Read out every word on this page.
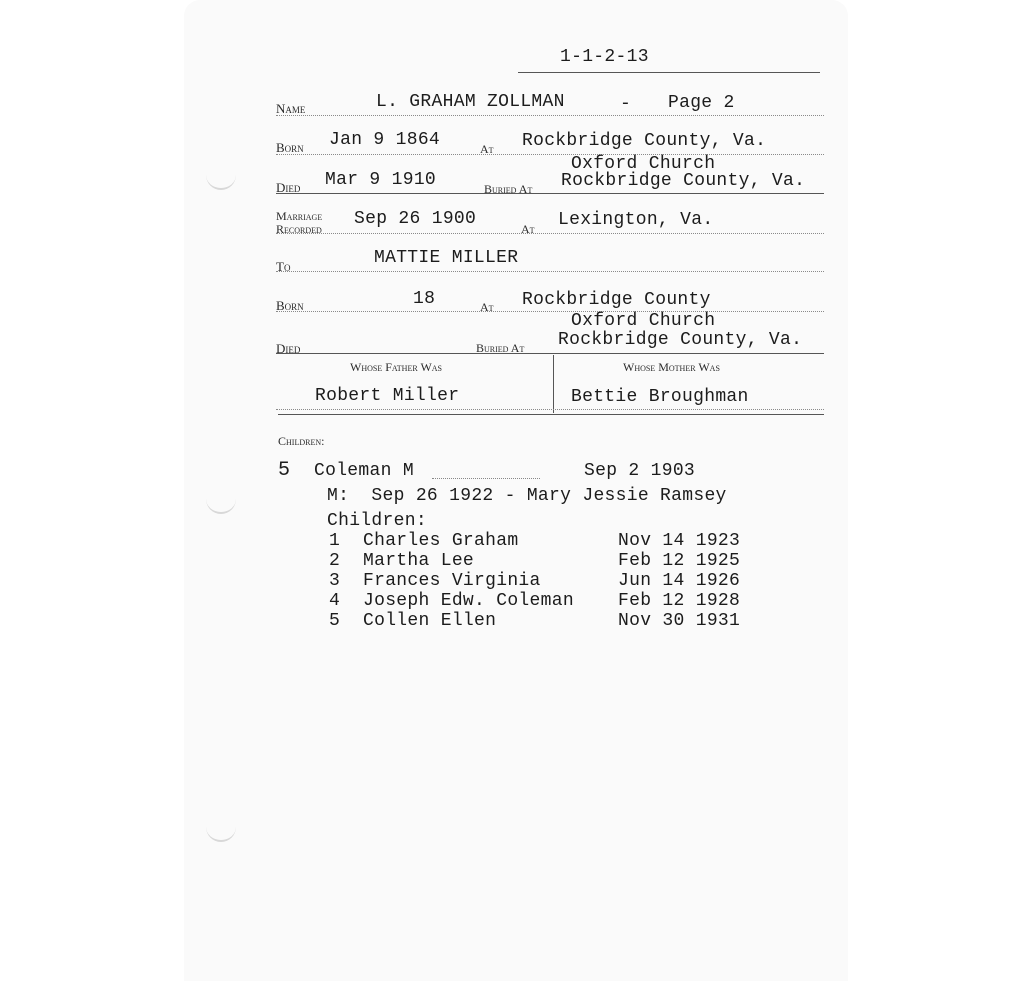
1-1-2-13
Name	L. GRAHAM ZOLLMAN	- Page 2
Born Jan 9 1864	At Rockbridge County, Va.
Oxford Church
Died Mar 9 1910	Buried At Rockbridge County, Va.
Marriage
Recorded Sep 26 1900	At Lexington, Va.
To	MATTIE MILLER
Born	18	At Rockbridge County
Oxford Church
Died	Buried At Rockbridge County, Va.
Whose Father Was	Whose Mother Was
Robert Miller	Bettie Broughman
Children:
5 Coleman M	Sep 2 1903
M:  Sep 26 1922 - Mary Jessie Ramsey
Children:
1 Charles Graham	Nov 14 1923
2 Martha Lee	Feb 12 1925
3 Frances Virginia	Jun 14 1926
4 Joseph Edw. Coleman Feb 12 1928
5 Collen Ellen	Nov 30 1931
